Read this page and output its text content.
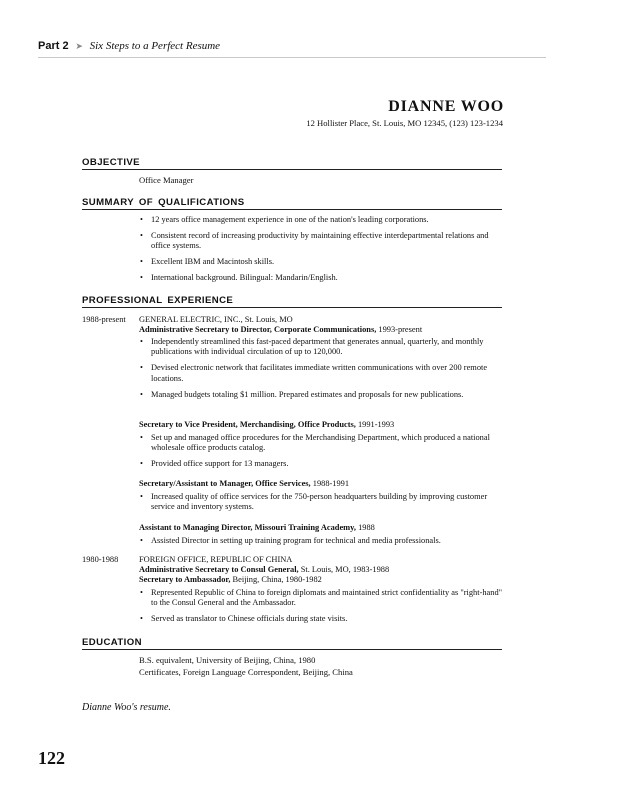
Part 2 ➤ Six Steps to a Perfect Resume
DIANNE WOO
12 Hollister Place, St. Louis, MO 12345, (123) 123-1234
OBJECTIVE
Office Manager
SUMMARY OF QUALIFICATIONS
• 12 years office management experience in one of the nation's leading corporations.
• Consistent record of increasing productivity by maintaining effective interdepartmental relations and office systems.
• Excellent IBM and Macintosh skills.
• International background. Bilingual: Mandarin/English.
PROFESSIONAL EXPERIENCE
1988-present GENERAL ELECTRIC, INC., St. Louis, MO
Administrative Secretary to Director, Corporate Communications, 1993-present
• Independently streamlined this fast-paced department that generates annual, quarterly, and monthly publications with individual circulation of up to 120,000.
• Devised electronic network that facilitates immediate written communications with over 200 remote locations.
• Managed budgets totaling $1 million. Prepared estimates and proposals for new publications.
Secretary to Vice President, Merchandising, Office Products, 1991-1993
• Set up and managed office procedures for the Merchandising Department, which produced a national wholesale office products catalog.
• Provided office support for 13 managers.
Secretary/Assistant to Manager, Office Services, 1988-1991
• Increased quality of office services for the 750-person headquarters building by improving customer service and inventory systems.
Assistant to Managing Director, Missouri Training Academy, 1988
• Assisted Director in setting up training program for technical and media professionals.
1980-1988 FOREIGN OFFICE, REPUBLIC OF CHINA
Administrative Secretary to Consul General, St. Louis, MO, 1983-1988
Secretary to Ambassador, Beijing, China, 1980-1982
• Represented Republic of China to foreign diplomats and maintained strict confidentiality as "right-hand" to the Consul General and the Ambassador.
• Served as translator to Chinese officials during state visits.
EDUCATION
B.S. equivalent, University of Beijing, China, 1980
Certificates, Foreign Language Correspondent, Beijing, China
Dianne Woo's resume.
122
